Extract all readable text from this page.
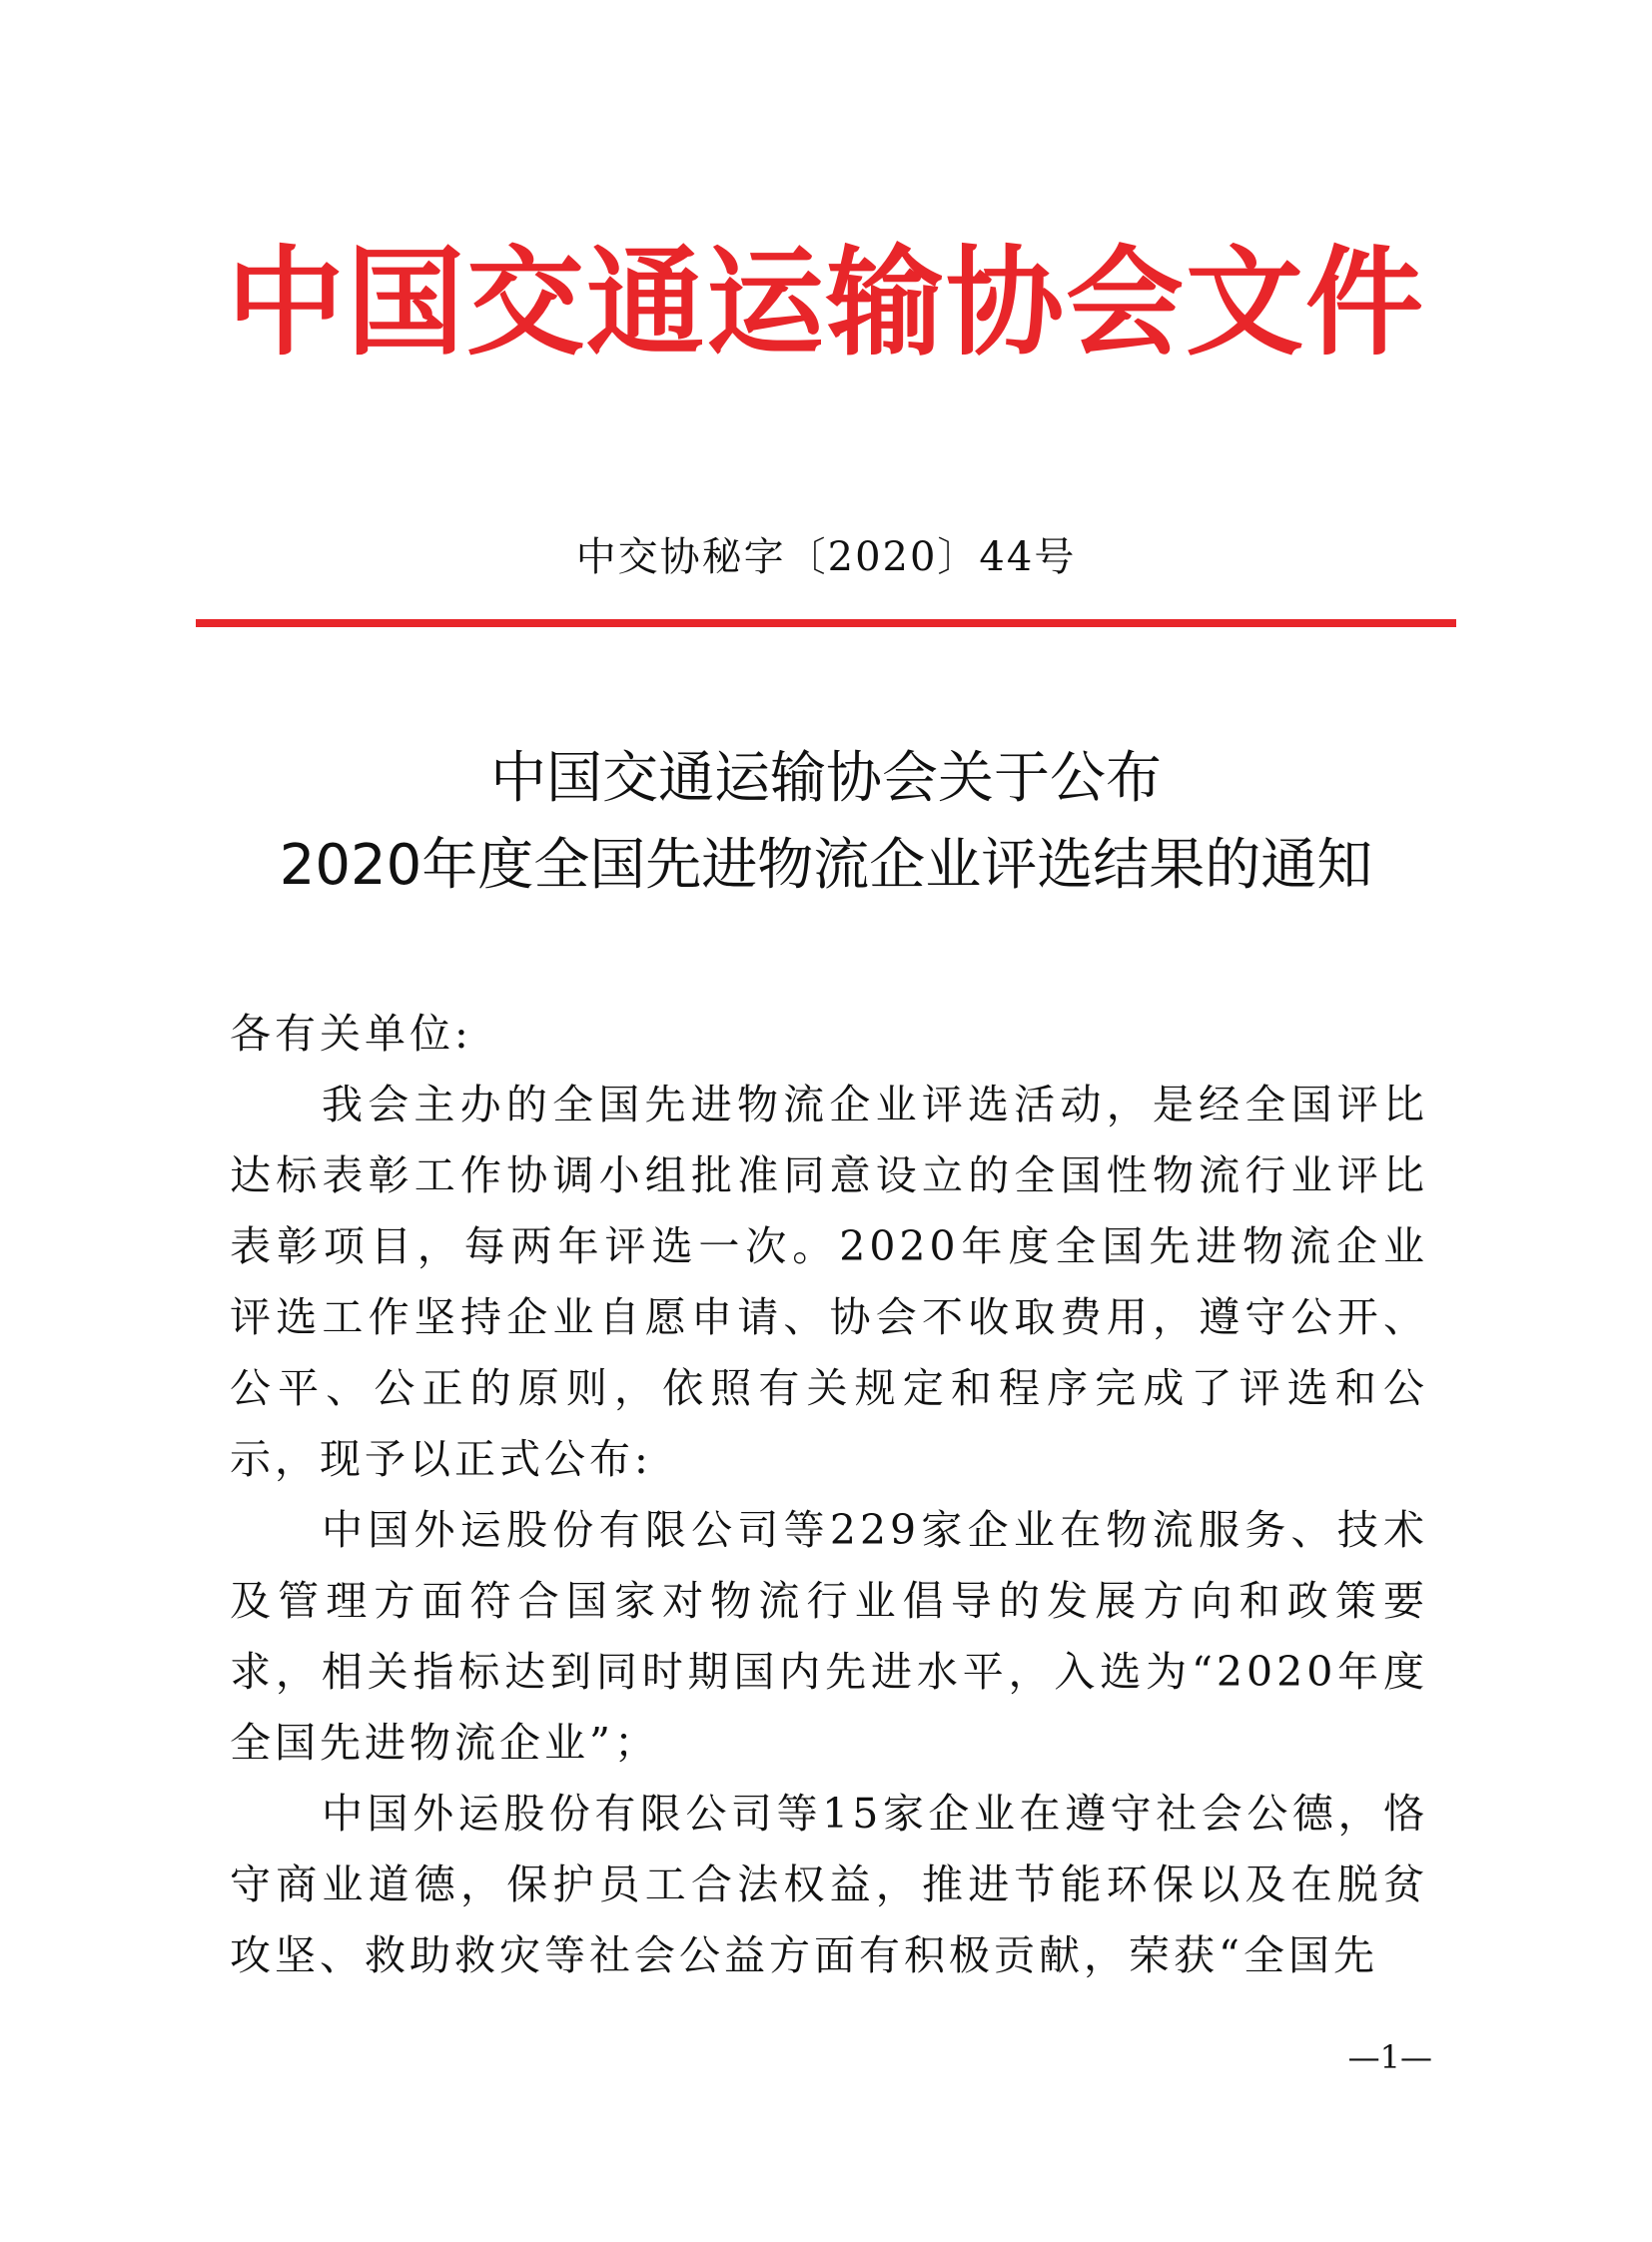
中国交通运输协会文件
中交协秘字〔2020〕44号
中国交通运输协会关于公布
2020年度全国先进物流企业评选结果的通知

各有关单位:

我会主办的全国先进物流企业评选活动，是经全国评比达标表彰工作协调小组批准同意设立的全国性物流行业评比表彰项目，每两年评选一次。2020年度全国先进物流企业评选工作坚持企业自愿申请、协会不收取费用，遵守公开、公平、公正的原则，依照有关规定和程序完成了评选和公示，现予以正式公布:

中国外运股份有限公司等229家企业在物流服务、技术及管理方面符合国家对物流行业倡导的发展方向和政策要求，相关指标达到同时期国内先进水平，入选为“2020年度全国先进物流企业”；

中国外运股份有限公司等15家企业在遵守社会公德，恪守商业道德，保护员工合法权益，推进节能环保以及在脱贫攻坚、救助救灾等社会公益方面有积极贡献，荣获“全国先

—1—
